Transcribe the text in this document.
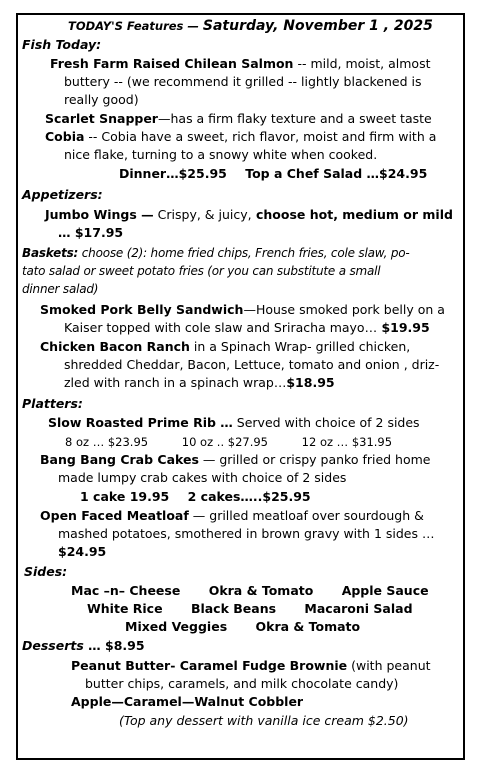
TODAY'S Features — Saturday, November 1 , 2025
Fish Today:
Fresh Farm Raised Chilean Salmon -- mild, moist, almost
buttery -- (we recommend it grilled -- lightly blackened is
really good)
Scarlet Snapper—has a firm flaky texture and a sweet taste
Cobia -- Cobia have a sweet, rich flavor, moist and firm with a
nice flake, turning to a snowy white when cooked.
Dinner…$25.95 Top a Chef Salad …$24.95
Appetizers:
Jumbo Wings — Crispy, & juicy, choose hot, medium or mild
… $17.95
Baskets: choose (2): home fried chips, French fries, cole slaw, po-
tato salad or sweet potato fries (or you can substitute a small
dinner salad)
Smoked Pork Belly Sandwich—House smoked pork belly on a
Kaiser topped with cole slaw and Sriracha mayo… $19.95
Chicken Bacon Ranch in a Spinach Wrap- grilled chicken,
shredded Cheddar, Bacon, Lettuce, tomato and onion , driz-
zled with ranch in a spinach wrap…$18.95
Platters:
Slow Roasted Prime Rib … Served with choice of 2 sides
8 oz … $23.95	10 oz .. $27.95	12 oz … $31.95
Bang Bang Crab Cakes — grilled or crispy panko fried home
made lumpy crab cakes with choice of 2 sides
1 cake 19.95 2 cakes…..$25.95
Open Faced Meatloaf — grilled meatloaf over sourdough &
mashed potatoes, smothered in brown gravy with 1 sides …
$24.95
Sides:
Mac –n– Cheese Okra & Tomato Apple Sauce
White Rice Black Beans Macaroni Salad
Mixed Veggies Okra & Tomato
Desserts … $8.95
Peanut Butter- Caramel Fudge Brownie (with peanut
butter chips, caramels, and milk chocolate candy)
Apple—Caramel—Walnut Cobbler
(Top any dessert with vanilla ice cream $2.50)
